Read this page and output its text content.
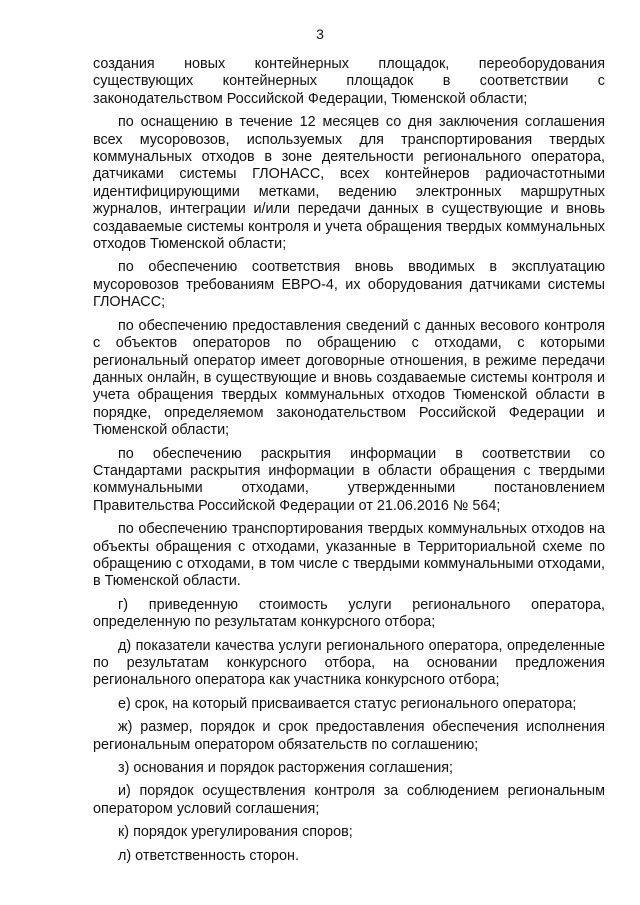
3

создания новых контейнерных площадок, переоборудования существующих контейнерных площадок в соответствии с законодательством Российской Федерации, Тюменской области;

по оснащению в течение 12 месяцев со дня заключения соглашения всех мусоровозов, используемых для транспортирования твердых коммунальных отходов в зоне деятельности регионального оператора, датчиками системы ГЛОНАСС, всех контейнеров радиочастотными идентифицирующими метками, ведению электронных маршрутных журналов, интеграции и/или передачи данных в существующие и вновь создаваемые системы контроля и учета обращения твердых коммунальных отходов Тюменской области;

по обеспечению соответствия вновь вводимых в эксплуатацию мусоровозов требованиям ЕВРО-4, их оборудования датчиками системы ГЛОНАСС;

по обеспечению предоставления сведений с данных весового контроля с объектов операторов по обращению с отходами, с которыми региональный оператор имеет договорные отношения, в режиме передачи данных онлайн, в существующие и вновь создаваемые системы контроля и учета обращения твердых коммунальных отходов Тюменской области в порядке, определяемом законодательством Российской Федерации и Тюменской области;

по обеспечению раскрытия информации в соответствии со Стандартами раскрытия информации в области обращения с твердыми коммунальными отходами, утвержденными постановлением Правительства Российской Федерации от 21.06.2016 № 564;

по обеспечению транспортирования твердых коммунальных отходов на объекты обращения с отходами, указанные в Территориальной схеме по обращению с отходами, в том числе с твердыми коммунальными отходами, в Тюменской области.

г) приведенную стоимость услуги регионального оператора, определенную по результатам конкурсного отбора;

д) показатели качества услуги регионального оператора, определенные по результатам конкурсного отбора, на основании предложения регионального оператора как участника конкурсного отбора;

е) срок, на который присваивается статус регионального оператора;

ж) размер, порядок и срок предоставления обеспечения исполнения региональным оператором обязательств по соглашению;

з) основания и порядок расторжения соглашения;

и) порядок осуществления контроля за соблюдением региональным оператором условий соглашения;

к) порядок урегулирования споров;

л) ответственность сторон.
